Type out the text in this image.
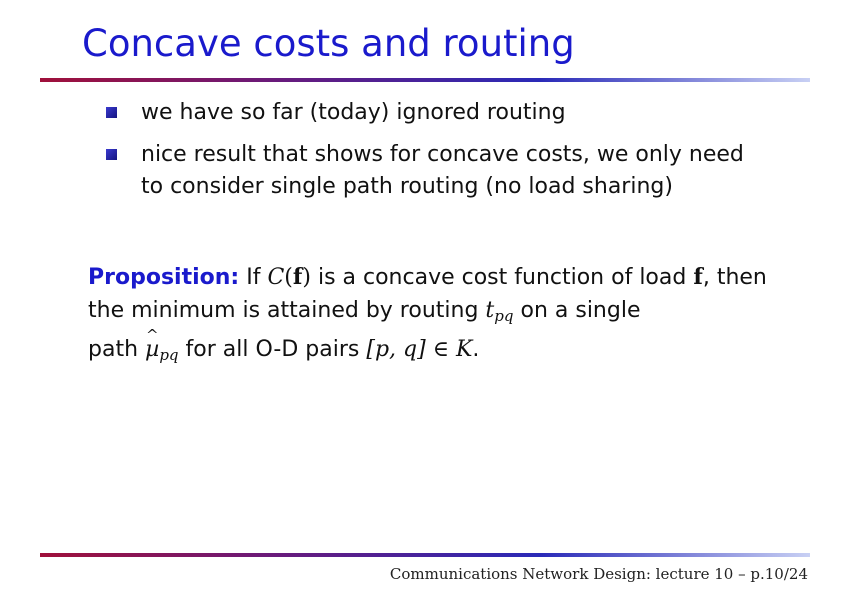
Concave costs and routing
we have so far (today) ignored routing
nice result that shows for concave costs, we only need to consider single path routing (no load sharing)
Proposition: If C(f) is a concave cost function of load f, then the minimum is attained by routing $t_{pq}$ on a single
path ^ µ$_{pq}$ for all O-D pairs [p, q] ∈ K.
Communications Network Design: lecture 10 – p.10/24
